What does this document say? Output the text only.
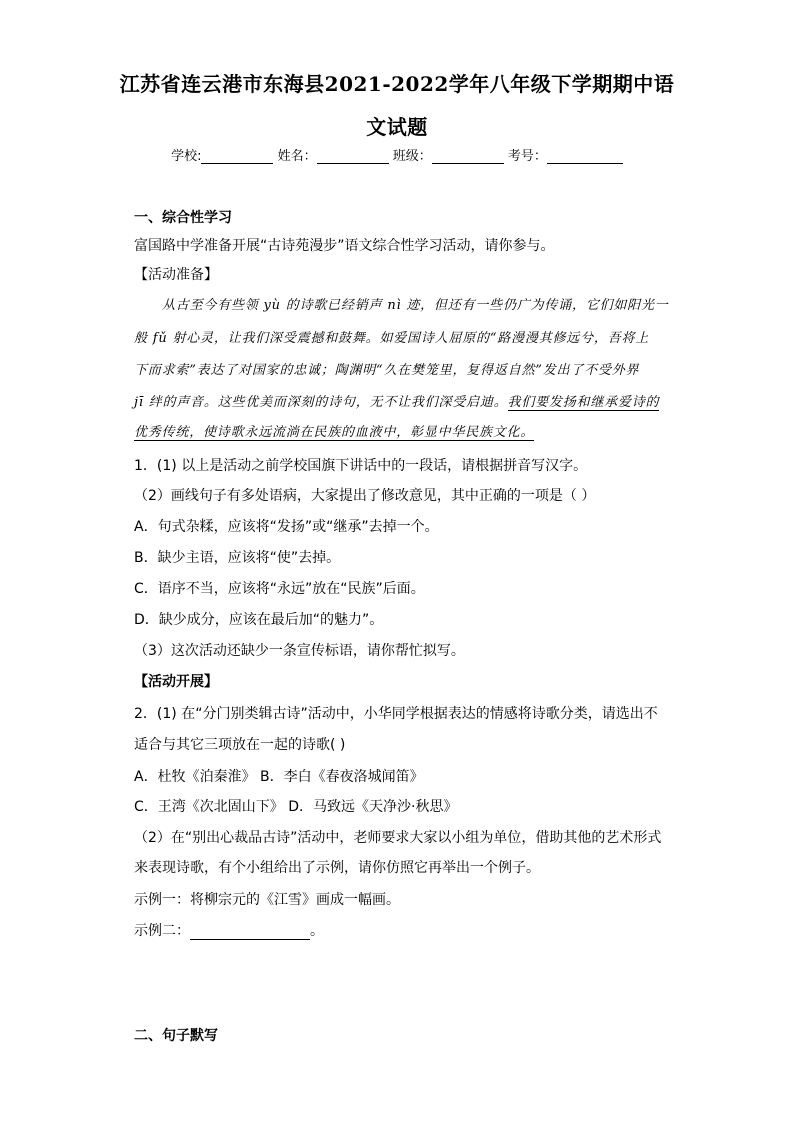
江苏省连云港市东海县2021-2022学年八年级下学期期中语
文试题
学校:	姓名：	班级：	考号：
一、综合性学习
富国路中学准备开展“古诗苑漫步”语文综合性学习活动，请你参与。
【活动准备】
从古至今有些领 yù 的诗歌已经销声 nì 迹，但还有一些仍广为传诵，它们如阳光一
般 fǔ 射心灵，让我们深受震撼和鼓舞。如爱国诗人屈原的“路漫漫其修远兮，吾将上
下而求索”表达了对国家的忠诚；陶渊明“久在樊笼里，复得返自然”发出了不受外界
jī 绊的声音。这些优美而深刻的诗句，无不让我们深受启迪。我们要发扬和继承爱诗的
优秀传统，使诗歌永远流淌在民族的血液中，彰显中华民族文化。
1．(1) 以上是活动之前学校国旗下讲话中的一段话，请根据拼音写汉字。
（2）画线句子有多处语病，大家提出了修改意见，其中正确的一项是（ ）
A．句式杂糅，应该将“发扬”或“继承”去掉一个。
B．缺少主语，应该将“使”去掉。
C．语序不当，应该将“永远”放在“民族”后面。
D．缺少成分，应该在最后加“的魅力”。
（3）这次活动还缺少一条宣传标语，请你帮忙拟写。
【活动开展】
2．(1) 在“分门别类辑古诗”活动中，小华同学根据表达的情感将诗歌分类，请选出不
适合与其它三项放在一起的诗歌( )
A．杜牧《泊秦淮》 B．李白《春夜洛城闻笛》
C．王湾《次北固山下》 D．马致远《天净沙·秋思》
（2）在“别出心裁品古诗”活动中，老师要求大家以小组为单位，借助其他的艺术形式
来表现诗歌，有个小组给出了示例，请你仿照它再举出一个例子。
示例一：将柳宗元的《江雪》画成一幅画。
示例二：	。
二、句子默写
